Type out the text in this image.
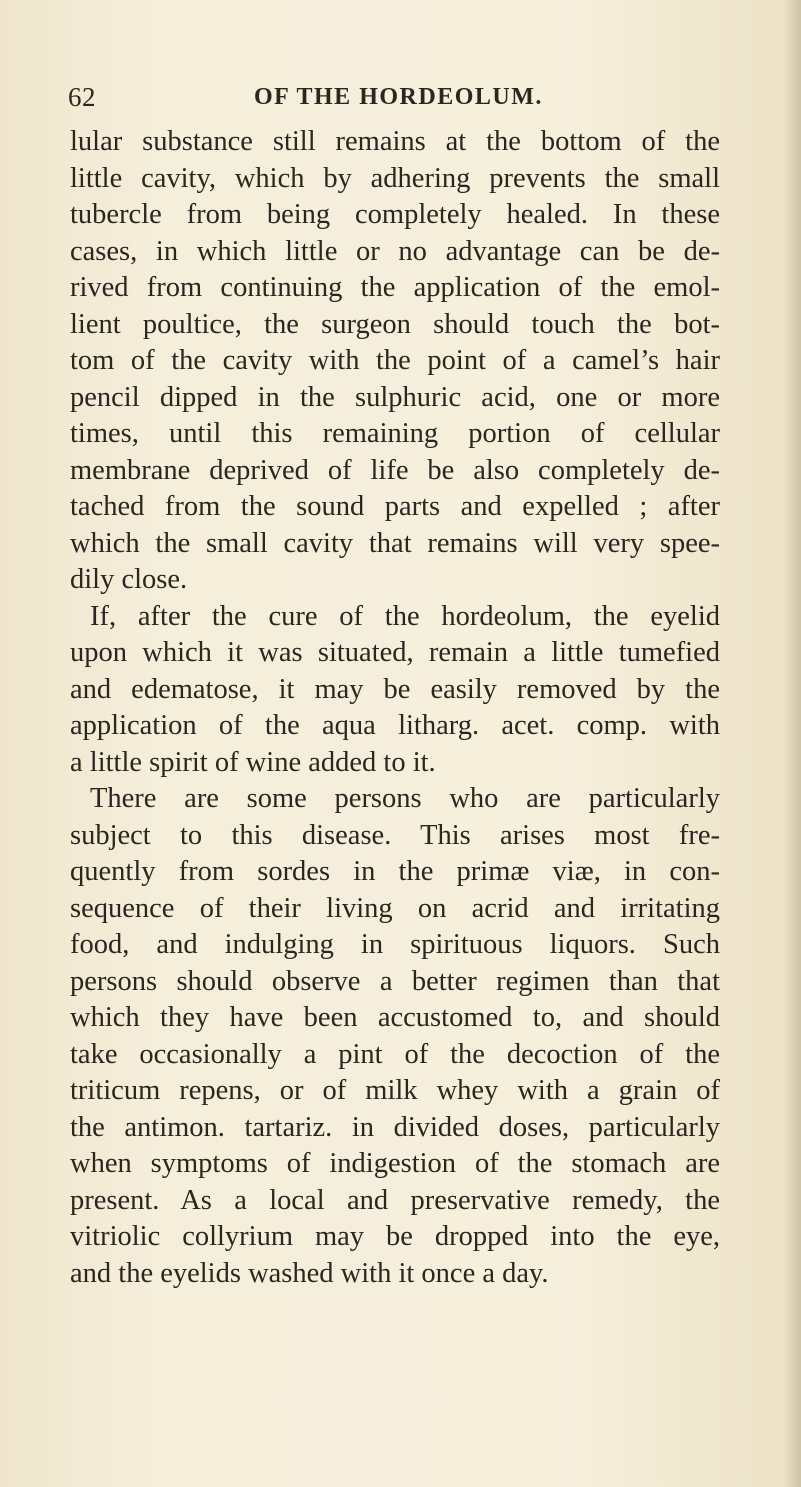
62	OF THE HORDEOLUM.
lular substance still remains at the bottom of the
little cavity, which by adhering prevents the small
tubercle from being completely healed. In these
cases, in which little or no advantage can be de-
rived from continuing the application of the emol-
lient poultice, the surgeon should touch the bot-
tom of the cavity with the point of a camel’s hair
pencil dipped in the sulphuric acid, one or more
times, until this remaining portion of cellular
membrane deprived of life be also completely de-
tached from the sound parts and expelled ; after
which the small cavity that remains will very spee-
dily close.
If, after the cure of the hordeolum, the eyelid
upon which it was situated, remain a little tumefied
and edematose, it may be easily removed by the
application of the aqua litharg. acet. comp. with
a little spirit of wine added to it.
There are some persons who are particularly
subject to this disease. This arises most fre-
quently from sordes in the primæ viæ, in con-
sequence of their living on acrid and irritating
food, and indulging in spirituous liquors. Such
persons should observe a better regimen than that
which they have been accustomed to, and should
take occasionally a pint of the decoction of the
triticum repens, or of milk whey with a grain of
the antimon. tartariz. in divided doses, particularly
when symptoms of indigestion of the stomach are
present. As a local and preservative remedy, the
vitriolic collyrium may be dropped into the eye,
and the eyelids washed with it once a day.
